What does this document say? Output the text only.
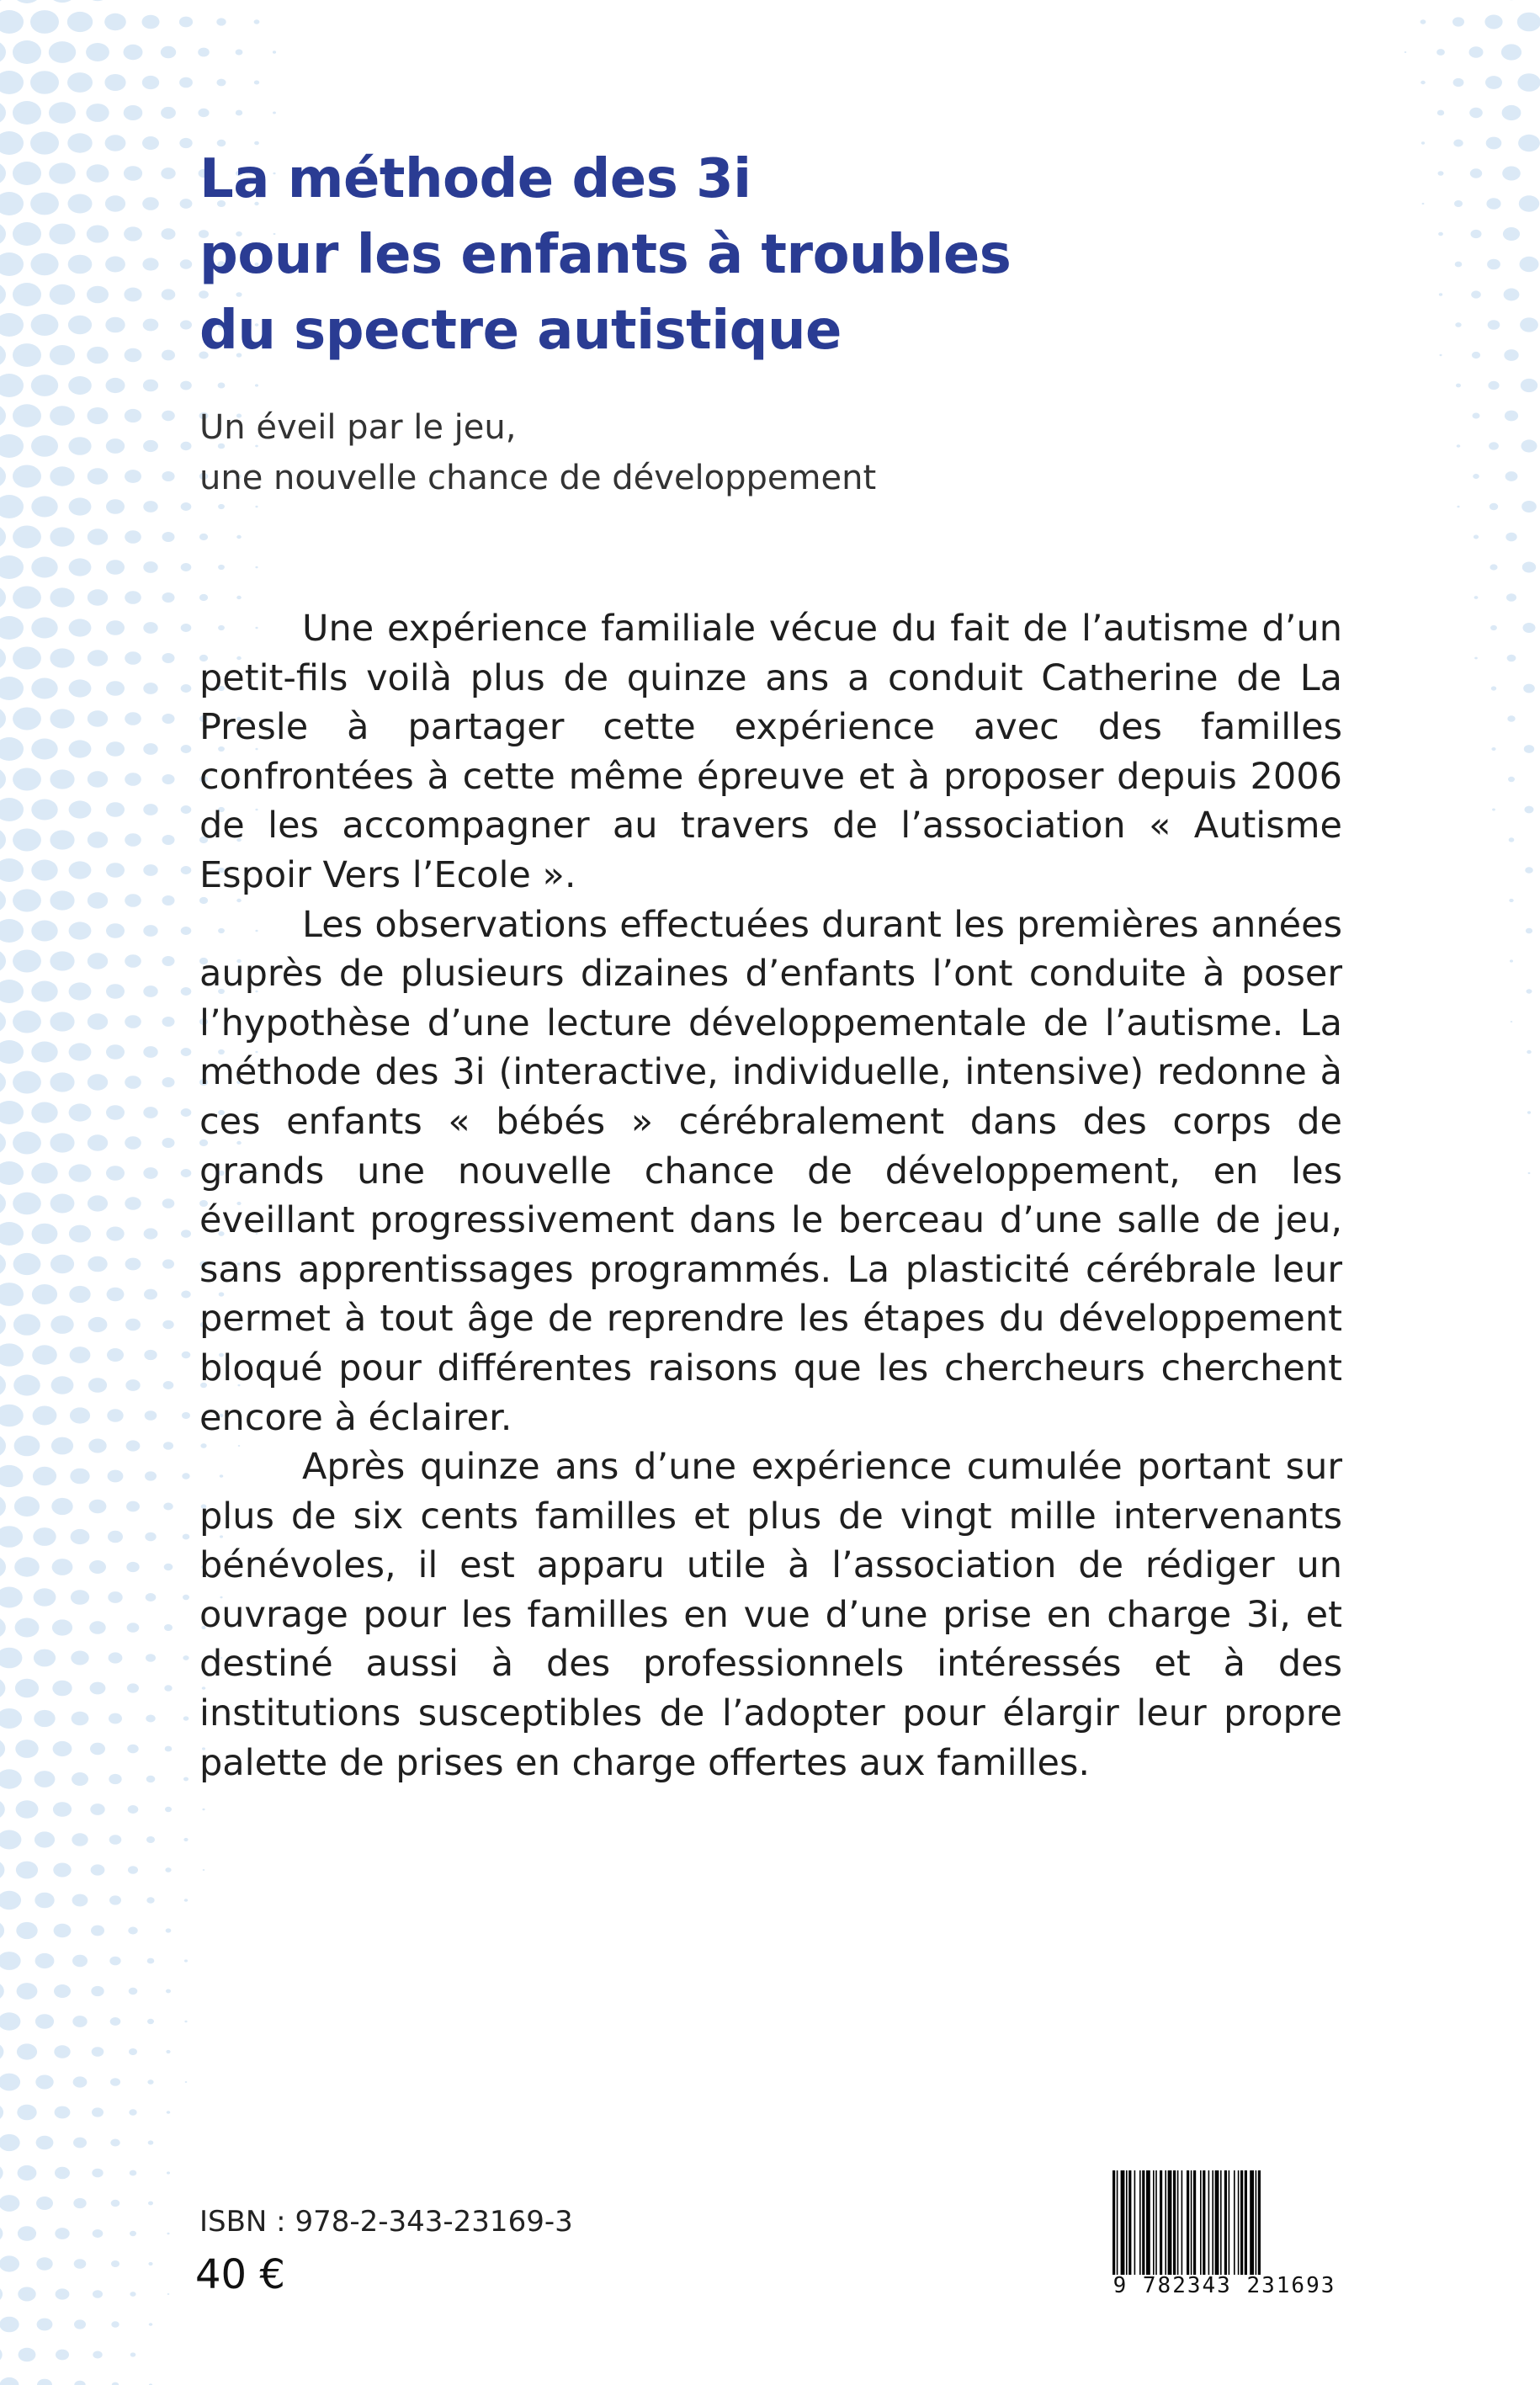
La méthode des 3i
pour les enfants à troubles
du spectre autistique
Un éveil par le jeu,
une nouvelle chance de développement

Une expérience familiale vécue du fait de l’autisme d’un petit-fils voilà plus de quinze ans a conduit Catherine de La Presle à partager cette expérience avec des familles confrontées à cette même épreuve et à proposer depuis 2006 de les accompagner au travers de l’association « Autisme Espoir Vers l’Ecole ».

Les observations effectuées durant les premières années auprès de plusieurs dizaines d’enfants l’ont conduite à poser l’hypothèse d’une lecture développementale de l’autisme. La méthode des 3i (interactive, individuelle, intensive) redonne à ces enfants « bébés » cérébralement dans des corps de grands une nouvelle chance de développement, en les éveillant progressivement dans le berceau d’une salle de jeu, sans apprentissages programmés. La plasticité cérébrale leur permet à tout âge de reprendre les étapes du développement bloqué pour différentes raisons que les chercheurs cherchent encore à éclairer.

Après quinze ans d’une expérience cumulée portant sur plus de six cents familles et plus de vingt mille intervenants bénévoles, il est apparu utile à l’association de rédiger un ouvrage pour les familles en vue d’une prise en charge 3i, et destiné aussi à des professionnels intéressés et à des institutions susceptibles de l’adopter pour élargir leur propre palette de prises en charge offertes aux familles.

ISBN : 978-2-343-23169-3
40 €	9 782343 231693
